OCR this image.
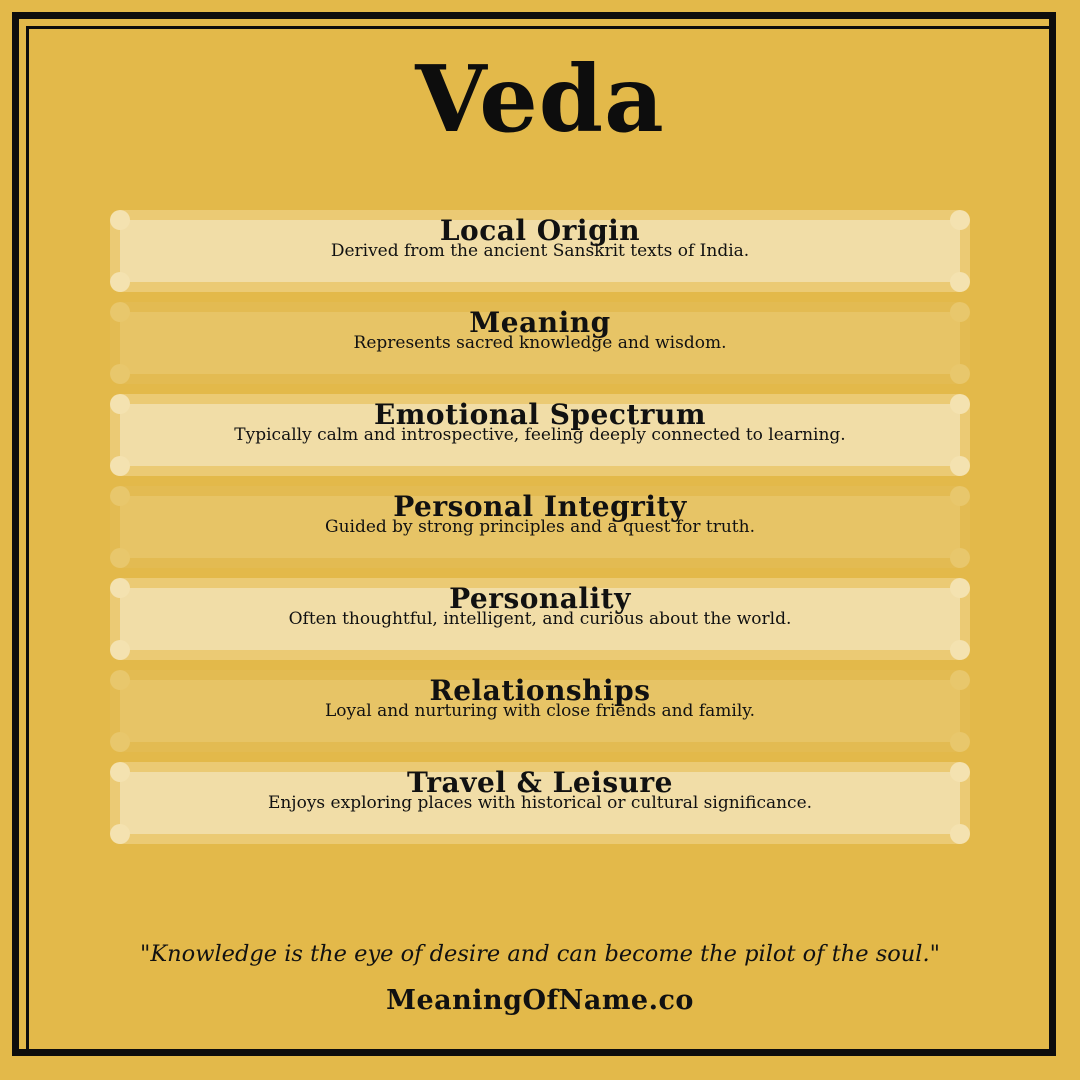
Veda
Local Origin
Derived from the ancient Sanskrit texts of India.
Meaning
Represents sacred knowledge and wisdom.
Emotional Spectrum
Typically calm and introspective, feeling deeply connected to learning.
Personal Integrity
Guided by strong principles and a quest for truth.
Personality
Often thoughtful, intelligent, and curious about the world.
Relationships
Loyal and nurturing with close friends and family.
Travel & Leisure
Enjoys exploring places with historical or cultural significance.
"Knowledge is the eye of desire and can become the pilot of the soul."
MeaningOfName.co
